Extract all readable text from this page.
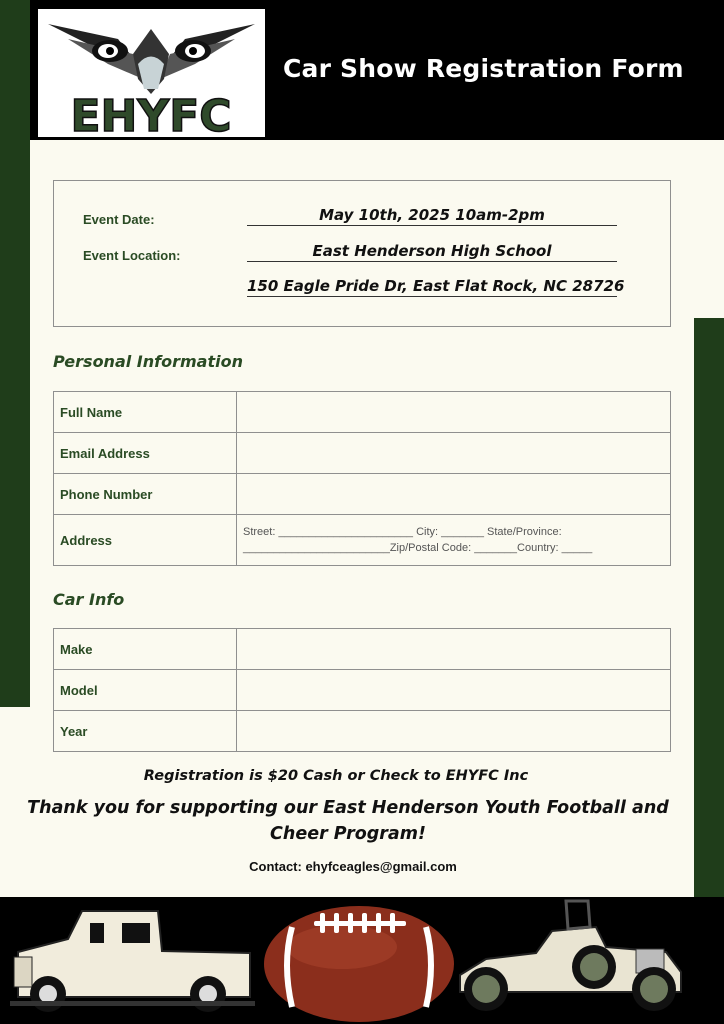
EHYFC
Car Show Registration Form
Event Date:	May 10th, 2025 10am-2pm
Event Location:	East Henderson High School
150 Eagle Pride Dr, East Flat Rock, NC 28726
Personal Information
Full Name	
Email Address	
Phone Number	
Address	Street: ______________________ City: _______ State/Province:
________________________Zip/Postal Code: _______Country: _____
Car Info
Make	
Model	
Year	
Registration is $20 Cash or Check to EHYFC Inc
Thank you for supporting our East Henderson Youth Football and Cheer Program!
Contact: ehyfceagles@gmail.com
